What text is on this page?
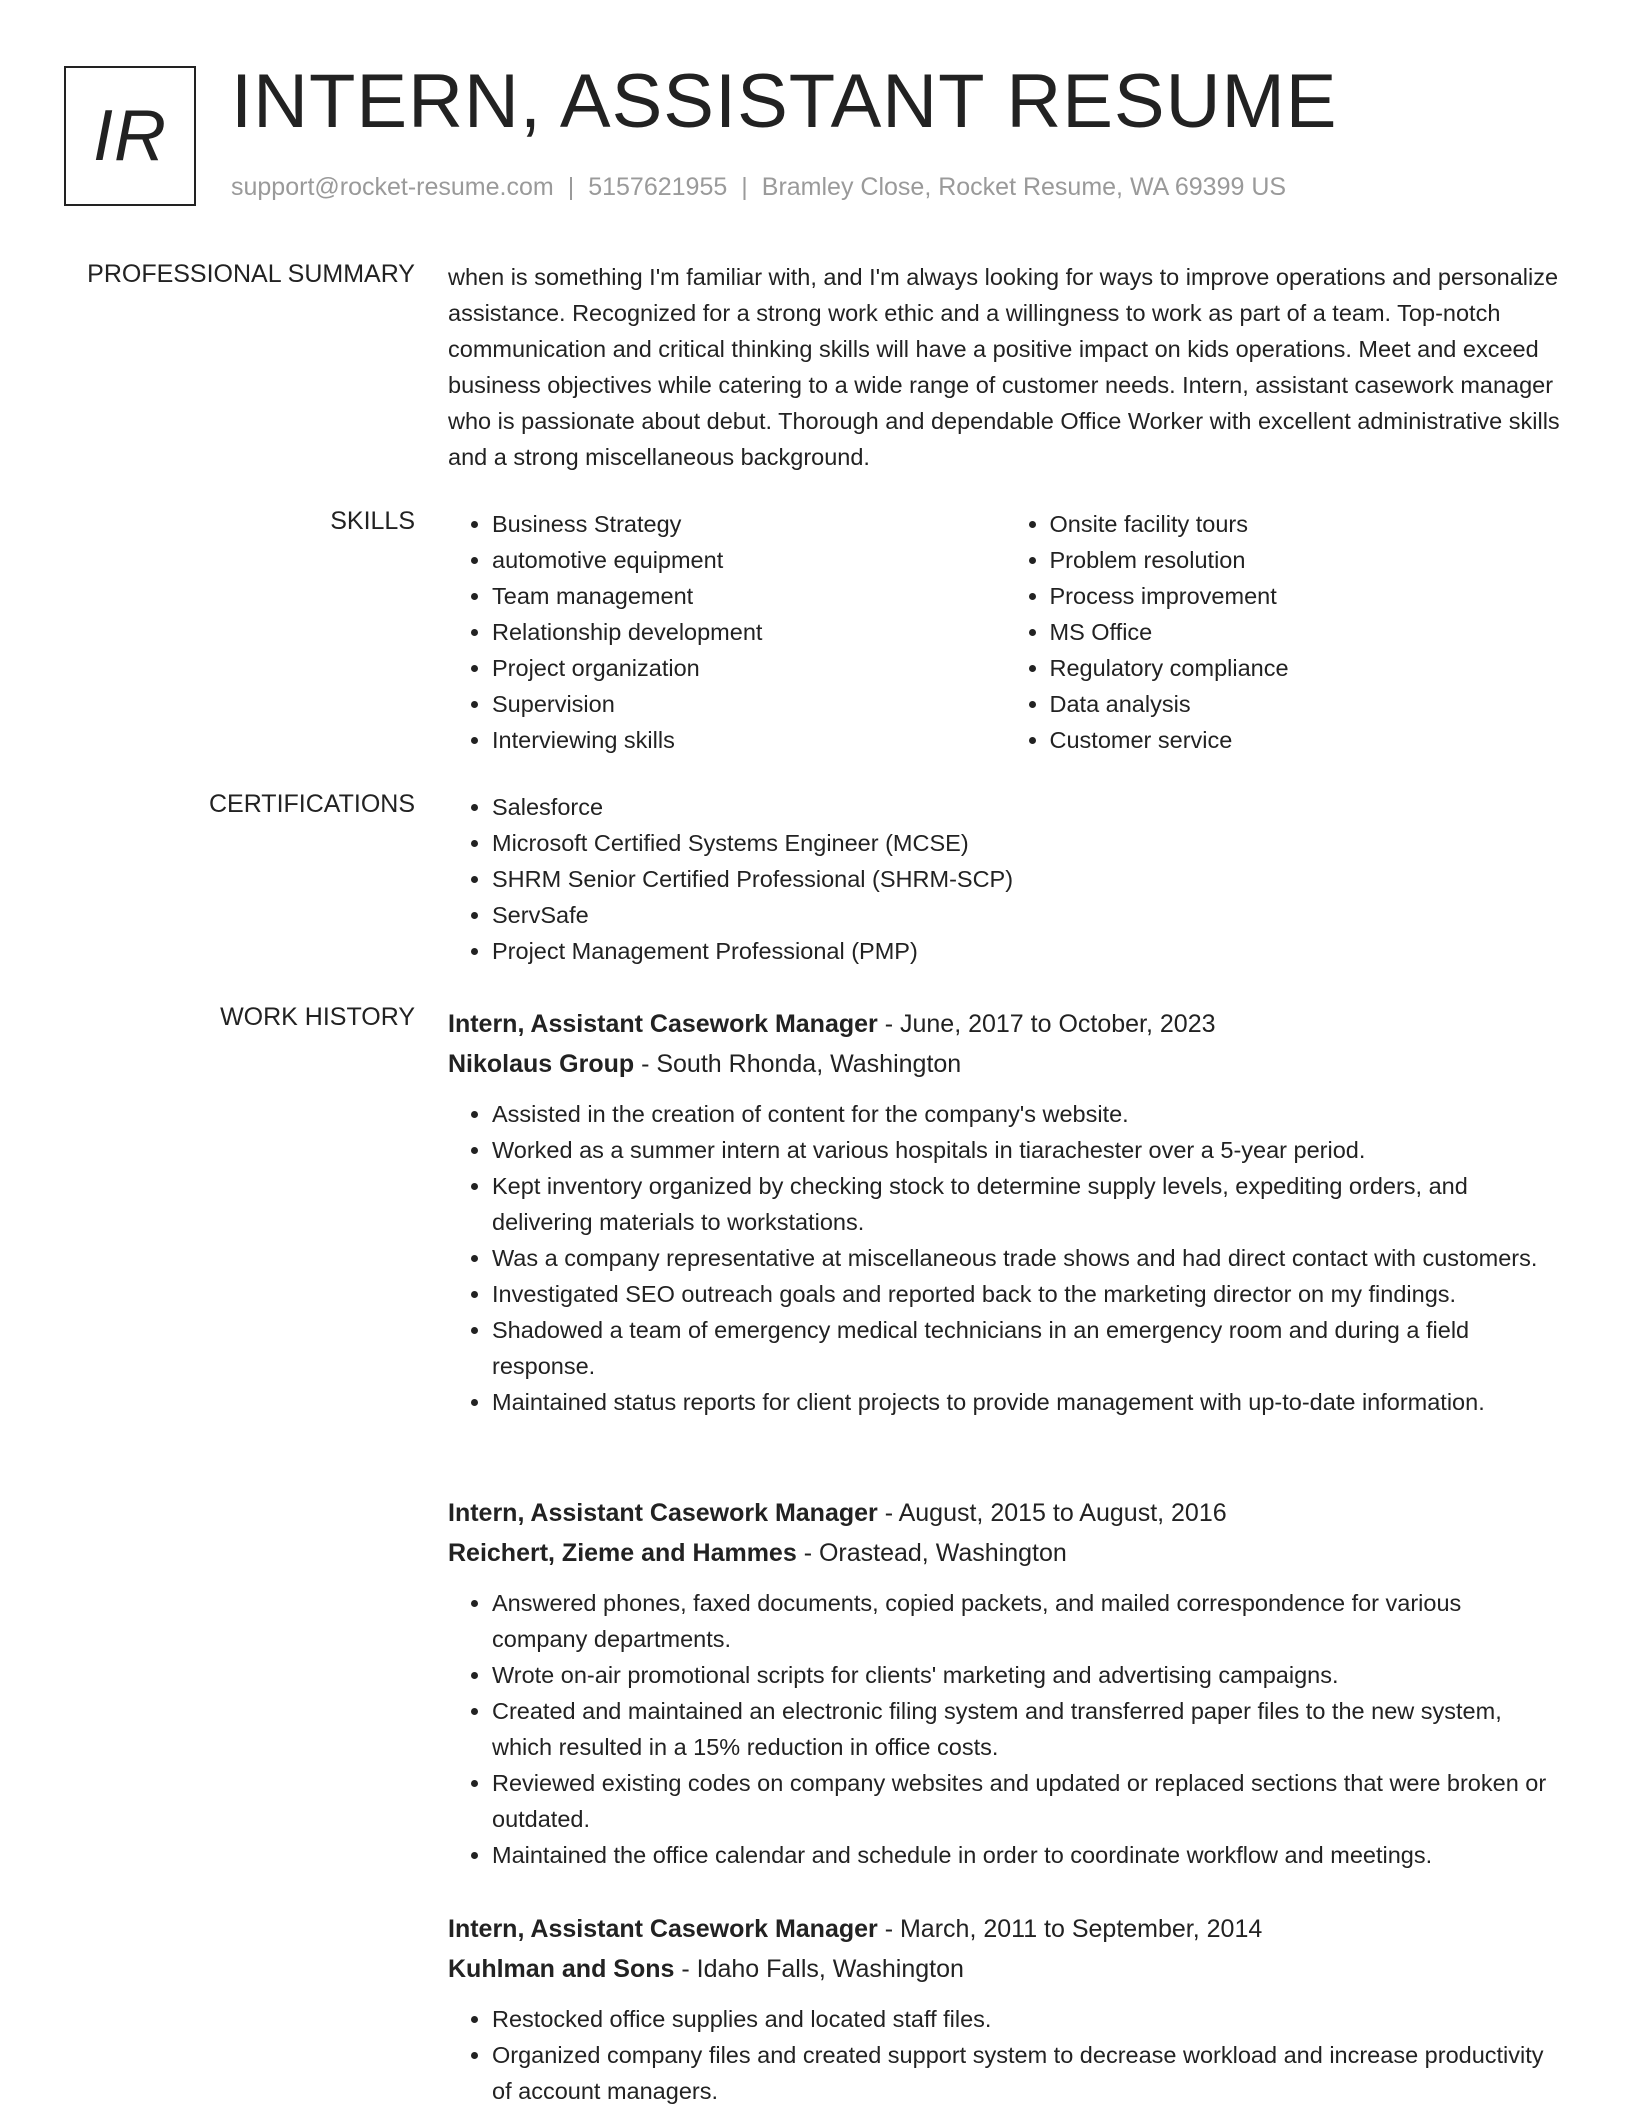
IR INTERN, ASSISTANT RESUME
support@rocket-resume.com | 5157621955 | Bramley Close, Rocket Resume, WA 69399 US
PROFESSIONAL SUMMARY when is something I'm familiar with, and I'm always looking for ways to improve operations and personalize assistance. Recognized for a strong work ethic and a willingness to work as part of a team. Top-notch communication and critical thinking skills will have a positive impact on kids operations. Meet and exceed business objectives while catering to a wide range of customer needs. Intern, assistant casework manager who is passionate about debut. Thorough and dependable Office Worker with excellent administrative skills and a strong miscellaneous background.
SKILLS	• Business Strategy
• automotive equipment
• Team management
• Relationship development
• Project organization
• Supervision
• Interviewing skills
• Onsite facility tours
• Problem resolution
• Process improvement
• MS Office
• Regulatory compliance
• Data analysis
• Customer service
CERTIFICATIONS	• Salesforce
• Microsoft Certified Systems Engineer (MCSE)
• SHRM Senior Certified Professional (SHRM-SCP)
• ServSafe
• Project Management Professional (PMP)
WORK HISTORY Intern, Assistant Casework Manager - June, 2017 to October, 2023
Nikolaus Group - South Rhonda, Washington
• Assisted in the creation of content for the company's website.
• Worked as a summer intern at various hospitals in tiarachester over a 5-year period.
• Kept inventory organized by checking stock to determine supply levels, expediting orders, and delivering materials to workstations.
• Was a company representative at miscellaneous trade shows and had direct contact with customers.
• Investigated SEO outreach goals and reported back to the marketing director on my findings.
• Shadowed a team of emergency medical technicians in an emergency room and during a field response.
• Maintained status reports for client projects to provide management with up-to-date information.
Intern, Assistant Casework Manager - August, 2015 to August, 2016
Reichert, Zieme and Hammes - Orastead, Washington
• Answered phones, faxed documents, copied packets, and mailed correspondence for various company departments.
• Wrote on-air promotional scripts for clients' marketing and advertising campaigns.
• Created and maintained an electronic filing system and transferred paper files to the new system, which resulted in a 15% reduction in office costs.
• Reviewed existing codes on company websites and updated or replaced sections that were broken or outdated.
• Maintained the office calendar and schedule in order to coordinate workflow and meetings.
Intern, Assistant Casework Manager - March, 2011 to September, 2014
Kuhlman and Sons - Idaho Falls, Washington
• Restocked office supplies and located staff files.
• Organized company files and created support system to decrease workload and increase productivity of account managers.
